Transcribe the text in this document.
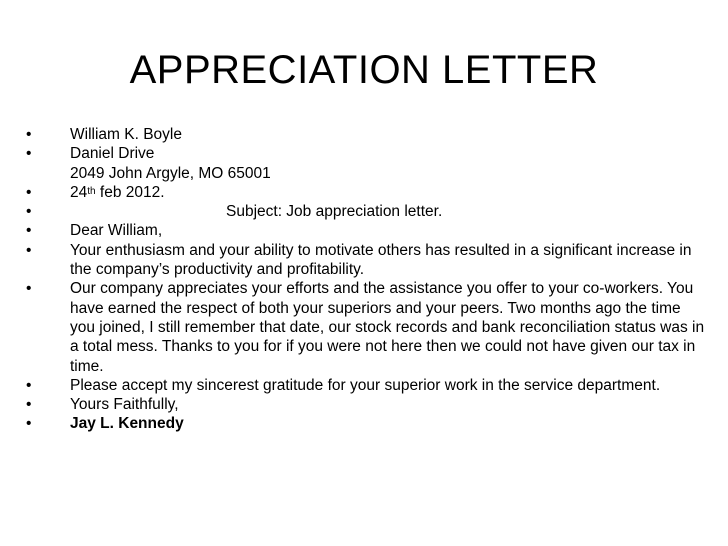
APPRECIATION LETTER
•	William K. Boyle
•	Daniel Drive
2049 John Argyle, MO 65001
•	24th feb 2012.
•	Subject: Job appreciation letter.
•	Dear William,
•	Your enthusiasm and your ability to motivate others has resulted in a significant increase in the company’s productivity and profitability.
•	Our company appreciates your efforts and the assistance you offer to your co-workers. You have earned the respect of both your superiors and your peers. Two months ago the time you joined, I still remember that date, our stock records and bank reconciliation status was in a total mess. Thanks to you for if you were not here then we could not have given our tax in time.
•	Please accept my sincerest gratitude for your superior work in the service department.
•	Yours Faithfully,
•	Jay L. Kennedy
